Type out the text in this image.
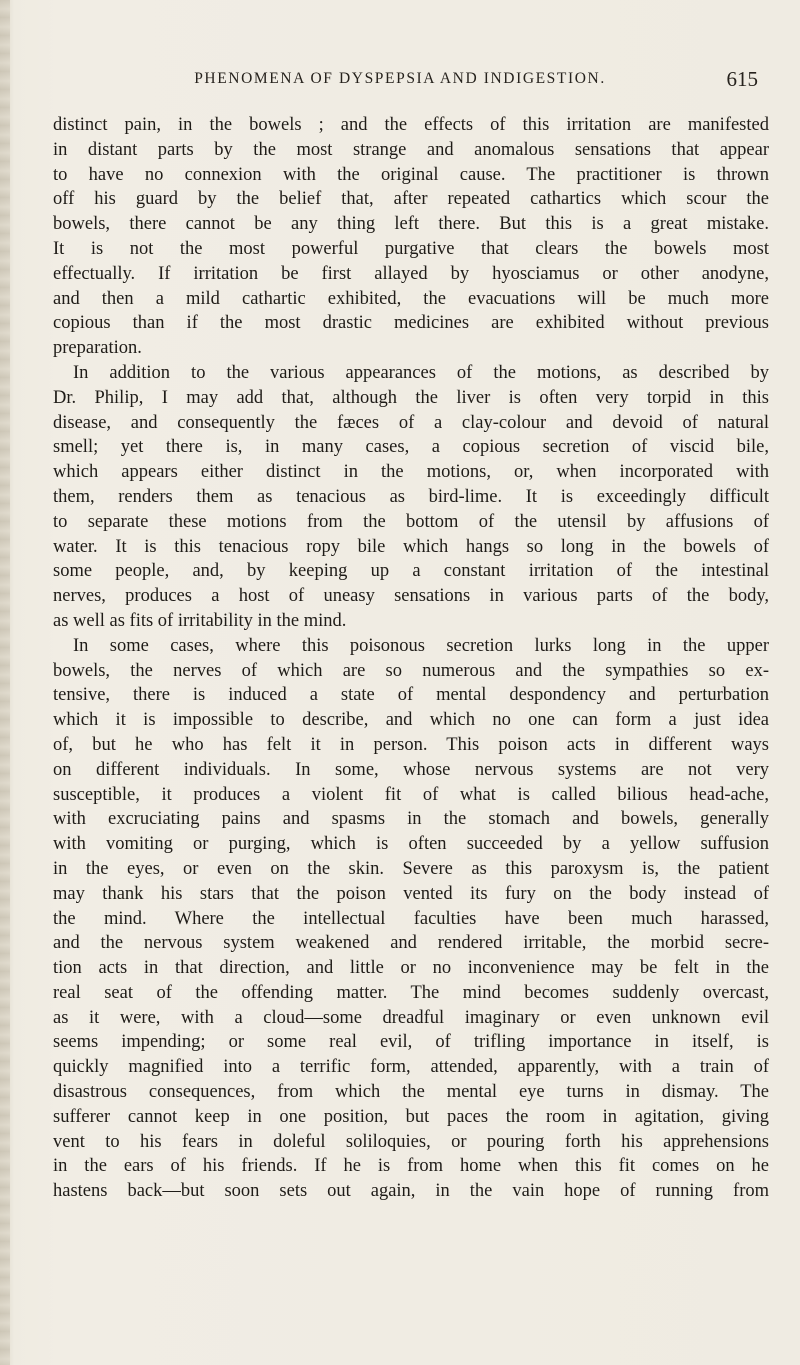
PHENOMENA OF DYSPEPSIA AND INDIGESTION.	615
distinct pain, in the bowels ; and the effects of this irritation are manifested
in distant parts by the most strange and anomalous sensations that appear
to have no connexion with the original cause. The practitioner is thrown
off his guard by the belief that, after repeated cathartics which scour the
bowels, there cannot be any thing left there. But this is a great mistake.
It is not the most powerful purgative that clears the bowels most
effectually. If irritation be first allayed by hyosciamus or other anodyne,
and then a mild cathartic exhibited, the evacuations will be much more
copious than if the most drastic medicines are exhibited without previous
preparation.
In addition to the various appearances of the motions, as described by
Dr. Philip, I may add that, although the liver is often very torpid in this
disease, and consequently the fæces of a clay-colour and devoid of natural
smell; yet there is, in many cases, a copious secretion of viscid bile,
which appears either distinct in the motions, or, when incorporated with
them, renders them as tenacious as bird-lime. It is exceedingly difficult
to separate these motions from the bottom of the utensil by affusions of
water. It is this tenacious ropy bile which hangs so long in the bowels of
some people, and, by keeping up a constant irritation of the intestinal
nerves, produces a host of uneasy sensations in various parts of the body,
as well as fits of irritability in the mind.
In some cases, where this poisonous secretion lurks long in the upper
bowels, the nerves of which are so numerous and the sympathies so ex-
tensive, there is induced a state of mental despondency and perturbation
which it is impossible to describe, and which no one can form a just idea
of, but he who has felt it in person. This poison acts in different ways
on different individuals. In some, whose nervous systems are not very
susceptible, it produces a violent fit of what is called bilious head-ache,
with excruciating pains and spasms in the stomach and bowels, generally
with vomiting or purging, which is often succeeded by a yellow suffusion
in the eyes, or even on the skin. Severe as this paroxysm is, the patient
may thank his stars that the poison vented its fury on the body instead of
the mind. Where the intellectual faculties have been much harassed,
and the nervous system weakened and rendered irritable, the morbid secre-
tion acts in that direction, and little or no inconvenience may be felt in the
real seat of the offending matter. The mind becomes suddenly overcast,
as it were, with a cloud—some dreadful imaginary or even unknown evil
seems impending; or some real evil, of trifling importance in itself, is
quickly magnified into a terrific form, attended, apparently, with a train of
disastrous consequences, from which the mental eye turns in dismay. The
sufferer cannot keep in one position, but paces the room in agitation, giving
vent to his fears in doleful soliloquies, or pouring forth his apprehensions
in the ears of his friends. If he is from home when this fit comes on he
hastens back—but soon sets out again, in the vain hope of running from
